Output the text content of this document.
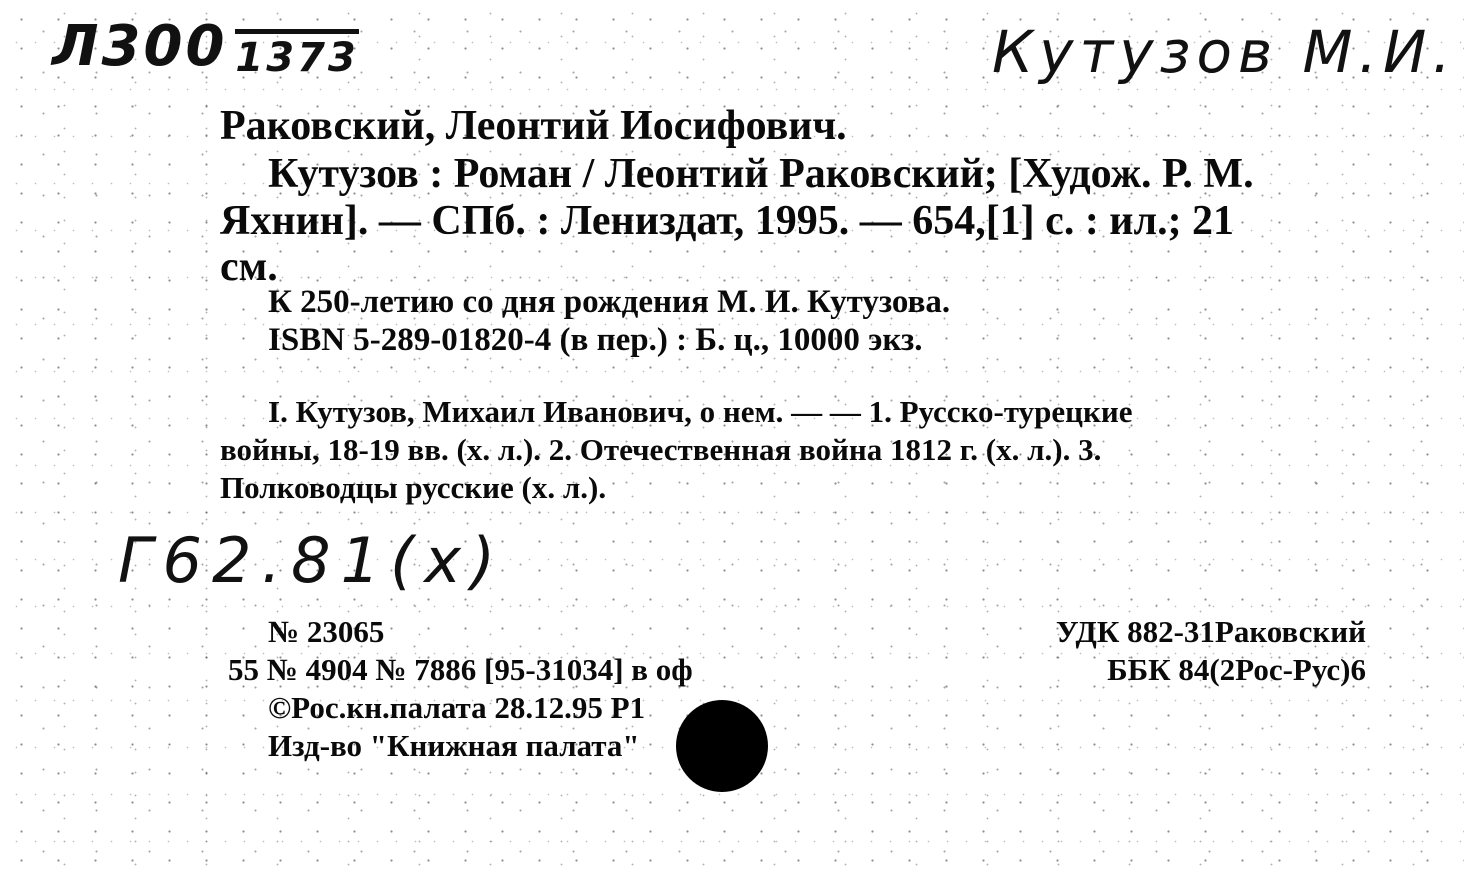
Л300 1373	Кутузов М.И.
Раковский, Леонтий Иосифович.
Кутузов : Роман / Леонтий Раковский; [Худож. Р. М.
Яхнин]. — СПб. : Лениздат, 1995. — 654,[1] с. : ил.; 21
см.
К 250-летию со дня рождения М. И. Кутузова.
ISBN 5-289-01820-4 (в пер.) : Б. ц., 10000 экз.
I. Кутузов, Михаил Иванович, о нем. — — 1. Русско-турецкие
войны, 18-19 вв. (х. л.). 2. Отечественная война 1812 г. (х. л.). 3.
Полководцы русские (х. л.).
Г62.81(х)
№ 23065
55 № 4904 № 7886 [95-31034] в оф
©Рос.кн.палата 28.12.95 Р1
Изд-во "Книжная палата"
УДК 882-31Раковский
ББК 84(2Рос-Рус)6
